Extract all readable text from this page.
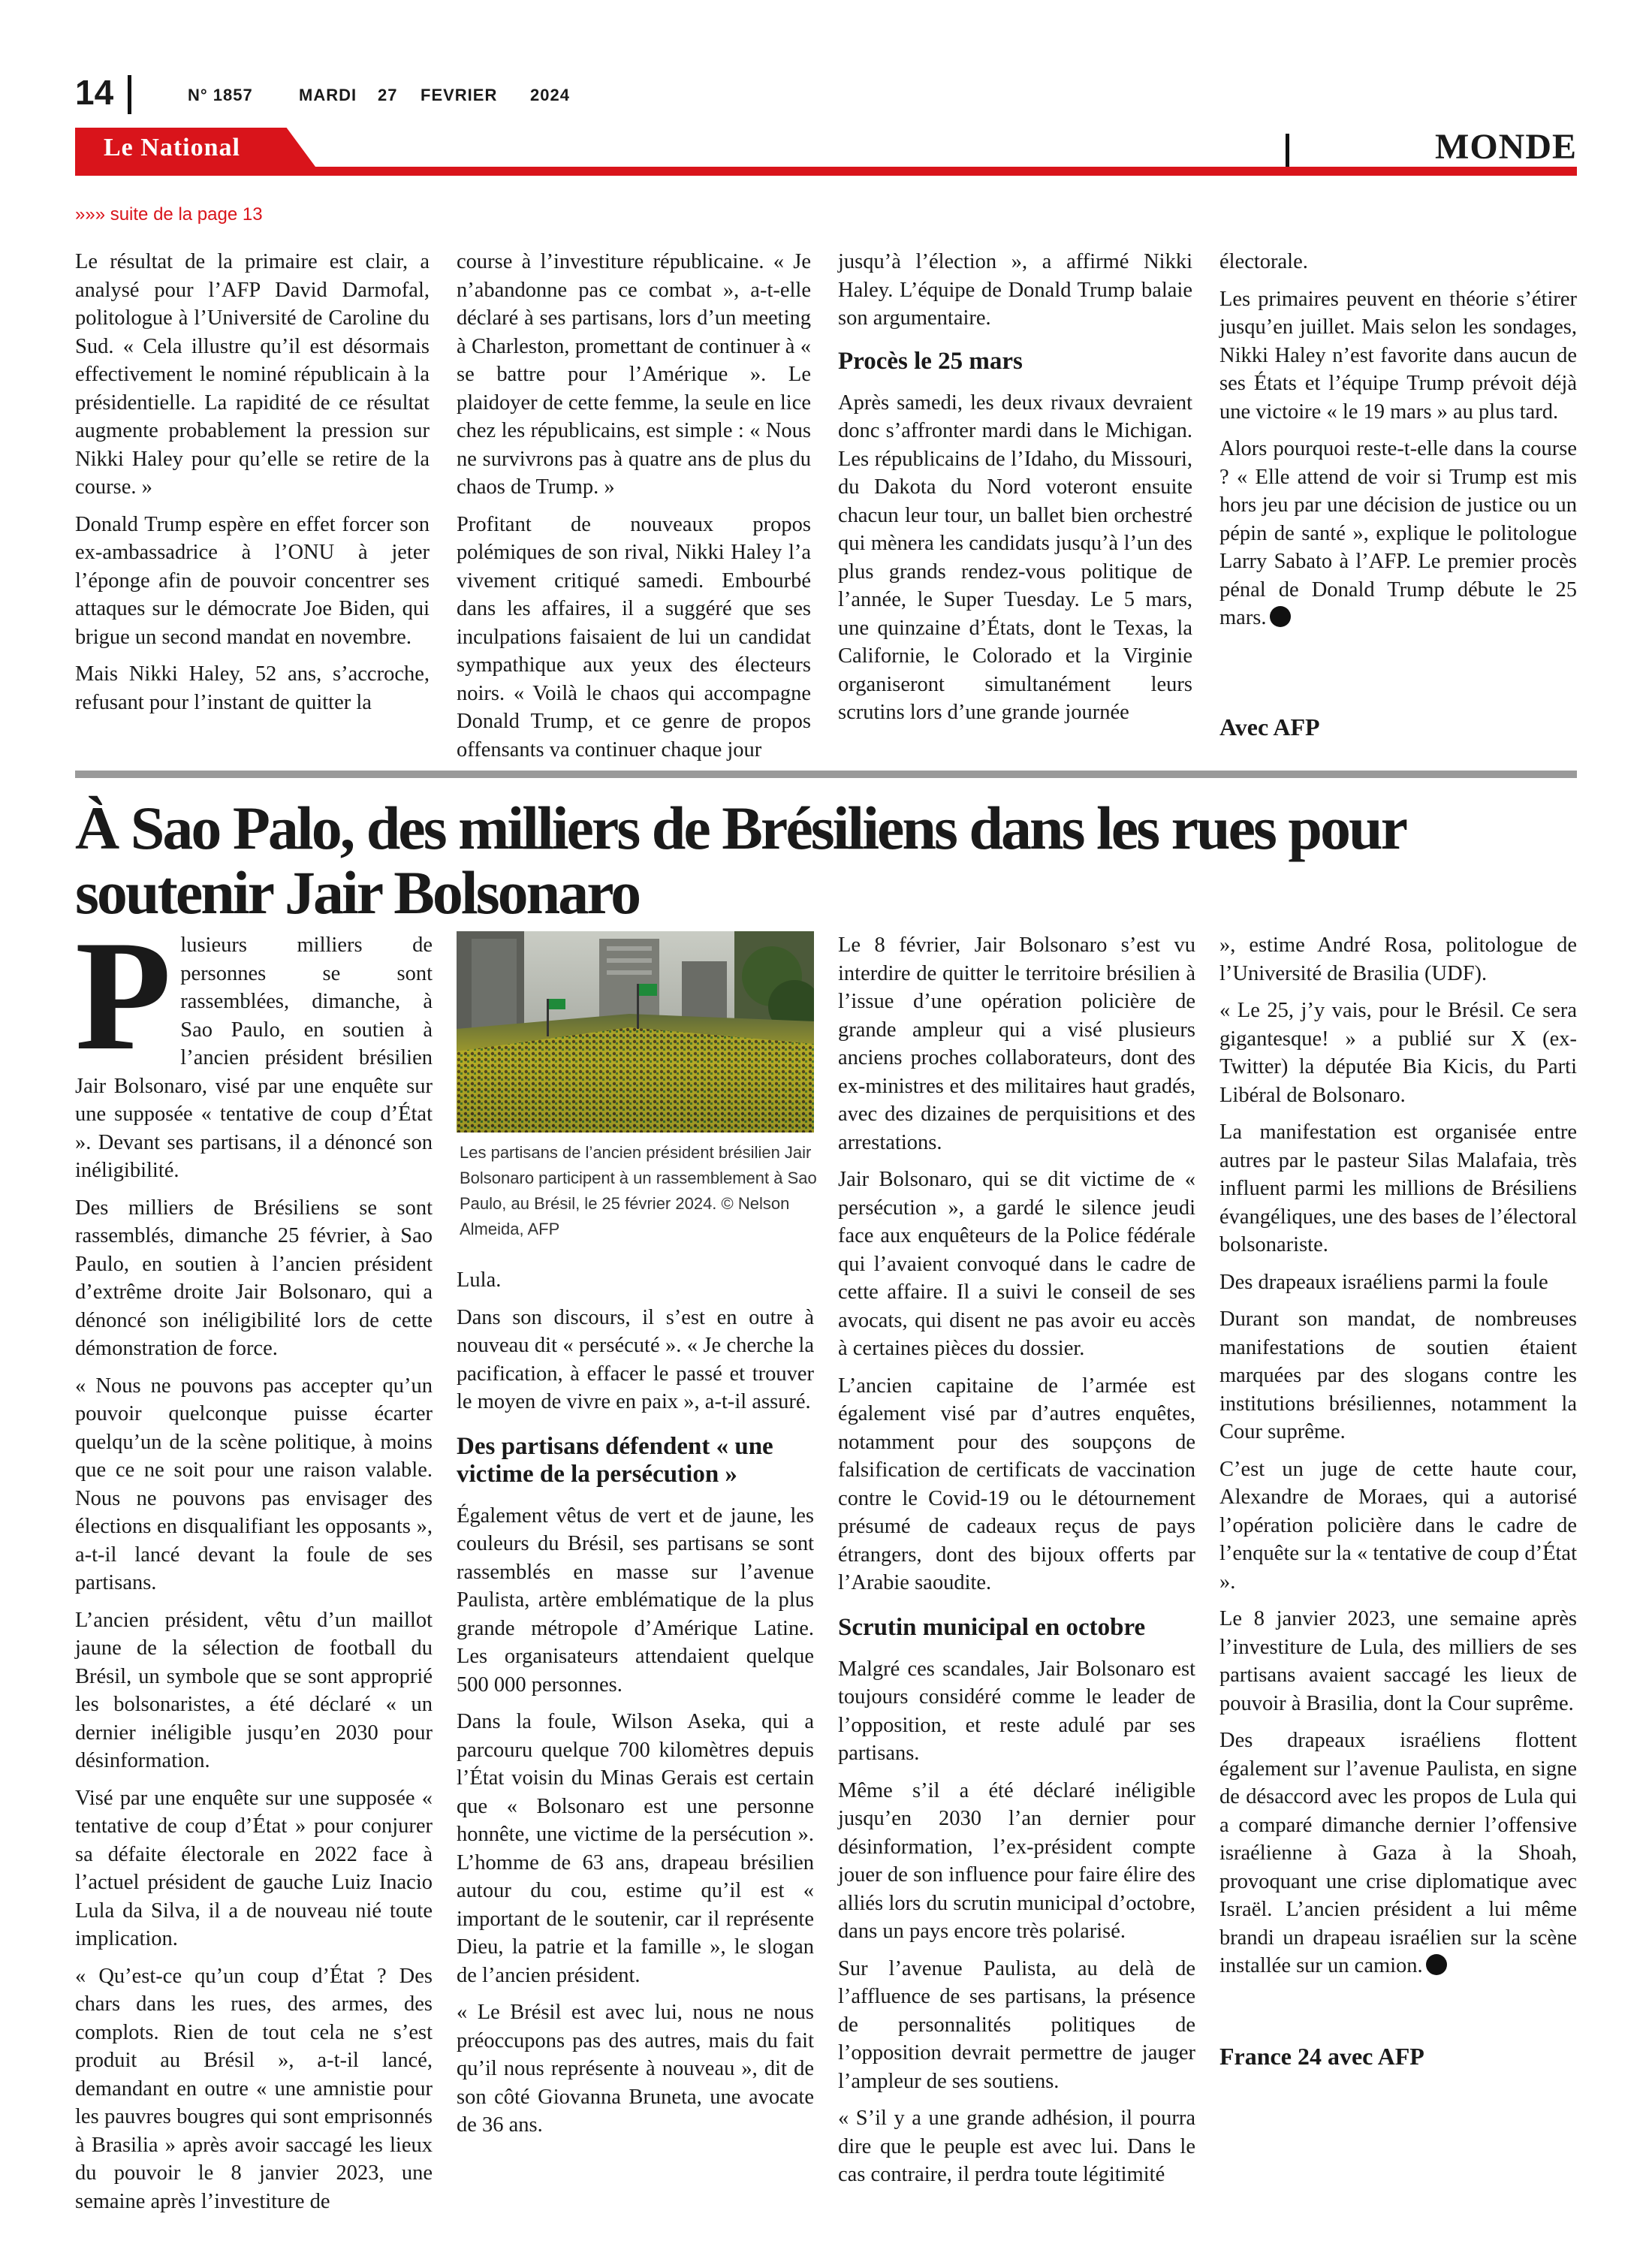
14	N° 1857	MARDI 27 FEVRIER 2024
Le National	MONDE
»»» suite de la page 13

Le résultat de la primaire est clair, a analysé pour l’AFP David Darmofal, politologue à l’Université de Caroline du Sud. « Cela illustre qu’il est désormais effectivement le nominé républicain à la présidentielle. La rapidité de ce résultat augmente probablement la pression sur Nikki Haley pour qu’elle se retire de la course. »

Donald Trump espère en effet forcer son ex-ambassadrice à l’ONU à jeter l’éponge afin de pouvoir concentrer ses attaques sur le démocrate Joe Biden, qui brigue un second mandat en novembre.

Mais Nikki Haley, 52 ans, s’accroche, refusant pour l’instant de quitter la

course à l’investiture républicaine. « Je n’abandonne pas ce combat », a-t-elle déclaré à ses partisans, lors d’un meeting à Charleston, promettant de continuer à « se battre pour l’Amérique ». Le plaidoyer de cette femme, la seule en lice chez les républicains, est simple : « Nous ne survivrons pas à quatre ans de plus du chaos de Trump. »

Profitant de nouveaux propos polémiques de son rival, Nikki Haley l’a vivement critiqué samedi. Embourbé dans les affaires, il a suggéré que ses inculpations faisaient de lui un candidat sympathique aux yeux des électeurs noirs. « Voilà le chaos qui accompagne Donald Trump, et ce genre de propos offensants va continuer chaque jour

jusqu’à l’élection », a affirmé Nikki Haley. L’équipe de Donald Trump balaie son argumentaire.

Procès le 25 mars

Après samedi, les deux rivaux devraient donc s’affronter mardi dans le Michigan. Les républicains de l’Idaho, du Missouri, du Dakota du Nord voteront ensuite chacun leur tour, un ballet bien orchestré qui mènera les candidats jusqu’à l’un des plus grands rendez-vous politique de l’année, le Super Tuesday. Le 5 mars, une quinzaine d’États, dont le Texas, la Californie, le Colorado et la Virginie organiseront simultanément leurs scrutins lors d’une grande journée

électorale.

Les primaires peuvent en théorie s’étirer jusqu’en juillet. Mais selon les sondages, Nikki Haley n’est favorite dans aucun de ses États et l’équipe Trump prévoit déjà une victoire « le 19 mars » au plus tard.

Alors pourquoi reste-t-elle dans la course ? « Elle attend de voir si Trump est mis hors jeu par une décision de justice ou un pépin de santé », explique le politologue Larry Sabato à l’AFP. Le premier procès pénal de Donald Trump débute le 25 mars.

Avec AFP
À Sao Palo, des milliers de Brésiliens dans les rues pour soutenir Jair Bolsonaro

Plusieurs milliers de personnes se sont rassemblées, dimanche, à Sao Paulo, en soutien à l’ancien président brésilien Jair Bolsonaro, visé par une enquête sur une supposée « tentative de coup d’État ». Devant ses partisans, il a dénoncé son inéligibilité.

Des milliers de Brésiliens se sont rassemblés, dimanche 25 février, à Sao Paulo, en soutien à l’ancien président d’extrême droite Jair Bolsonaro, qui a dénoncé son inéligibilité lors de cette démonstration de force.

« Nous ne pouvons pas accepter qu’un pouvoir quelconque puisse écarter quelqu’un de la scène politique, à moins que ce ne soit pour une raison valable. Nous ne pouvons pas envisager des élections en disqualifiant les opposants », a-t-il lancé devant la foule de ses partisans.

L’ancien président, vêtu d’un maillot jaune de la sélection de football du Brésil, un symbole que se sont approprié les bolsonaristes, a été déclaré « un dernier inéligible jusqu’en 2030 pour désinformation.

Visé par une enquête sur une supposée « tentative de coup d’État » pour conjurer sa défaite électorale en 2022 face à l’actuel président de gauche Luiz Inacio Lula da Silva, il a de nouveau nié toute implication.

« Qu’est-ce qu’un coup d’État ? Des chars dans les rues, des armes, des complots. Rien de tout cela ne s’est produit au Brésil », a-t-il lancé, demandant en outre « une amnistie pour les pauvres bougres qui sont emprisonnés à Brasilia » après avoir saccagé les lieux du pouvoir le 8 janvier 2023, une semaine après l’investiture de

Les partisans de l’ancien président brésilien Jair Bolsonaro participent à un rassemblement à Sao Paulo, au Brésil, le 25 février 2024. © Nelson Almeida, AFP

Lula.

Dans son discours, il s’est en outre à nouveau dit « persécuté ». « Je cherche la pacification, à effacer le passé et trouver le moyen de vivre en paix », a-t-il assuré.

Des partisans défendent « une victime de la persécution »

Également vêtus de vert et de jaune, les couleurs du Brésil, ses partisans se sont rassemblés en masse sur l’avenue Paulista, artère emblématique de la plus grande métropole d’Amérique Latine. Les organisateurs attendaient quelque 500 000 personnes.

Dans la foule, Wilson Aseka, qui a parcouru quelque 700 kilomètres depuis l’État voisin du Minas Gerais est certain que « Bolsonaro est une personne honnête, une victime de la persécution ». L’homme de 63 ans, drapeau brésilien autour du cou, estime qu’il est « important de le soutenir, car il représente Dieu, la patrie et la famille », le slogan de l’ancien président.

« Le Brésil est avec lui, nous ne nous préoccupons pas des autres, mais du fait qu’il nous représente à nouveau », dit de son côté Giovanna Bruneta, une avocate de 36 ans.

Le 8 février, Jair Bolsonaro s’est vu interdire de quitter le territoire brésilien à l’issue d’une opération policière de grande ampleur qui a visé plusieurs anciens proches collaborateurs, dont des ex-ministres et des militaires haut gradés, avec des dizaines de perquisitions et des arrestations.

Jair Bolsonaro, qui se dit victime de « persécution », a gardé le silence jeudi face aux enquêteurs de la Police fédérale qui l’avaient convoqué dans le cadre de cette affaire. Il a suivi le conseil de ses avocats, qui disent ne pas avoir eu accès à certaines pièces du dossier.

L’ancien capitaine de l’armée est également visé par d’autres enquêtes, notamment pour des soupçons de falsification de certificats de vaccination contre le Covid-19 ou le détournement présumé de cadeaux reçus de pays étrangers, dont des bijoux offerts par l’Arabie saoudite.

Scrutin municipal en octobre

Malgré ces scandales, Jair Bolsonaro est toujours considéré comme le leader de l’opposition, et reste adulé par ses partisans.

Même s’il a été déclaré inéligible jusqu’en 2030 l’an dernier pour désinformation, l’ex-président compte jouer de son influence pour faire élire des alliés lors du scrutin municipal d’octobre, dans un pays encore très polarisé.

Sur l’avenue Paulista, au delà de l’affluence de ses partisans, la présence de personnalités politiques de l’opposition devrait permettre de jauger l’ampleur de ses soutiens.

« S’il y a une grande adhésion, il pourra dire que le peuple est avec lui. Dans le cas contraire, il perdra toute légitimité

», estime André Rosa, politologue de l’Université de Brasilia (UDF).

« Le 25, j’y vais, pour le Brésil. Ce sera gigantesque! » a publié sur X (ex-Twitter) la députée Bia Kicis, du Parti Libéral de Bolsonaro.

La manifestation est organisée entre autres par le pasteur Silas Malafaia, très influent parmi les millions de Brésiliens évangéliques, une des bases de l’électoral bolsonariste.

Des drapeaux israéliens parmi la foule

Durant son mandat, de nombreuses manifestations de soutien étaient marquées par des slogans contre les institutions brésiliennes, notamment la Cour suprême.

C’est un juge de cette haute cour, Alexandre de Moraes, qui a autorisé l’opération policière dans le cadre de l’enquête sur la « tentative de coup d’État ».

Le 8 janvier 2023, une semaine après l’investiture de Lula, des milliers de ses partisans avaient saccagé les lieux de pouvoir à Brasilia, dont la Cour suprême.

Des drapeaux israéliens flottent également sur l’avenue Paulista, en signe de désaccord avec les propos de Lula qui a comparé dimanche dernier l’offensive israélienne à Gaza à la Shoah, provoquant une crise diplomatique avec Israël. L’ancien président a lui même brandi un drapeau israélien sur la scène installée sur un camion.

France 24 avec AFP
